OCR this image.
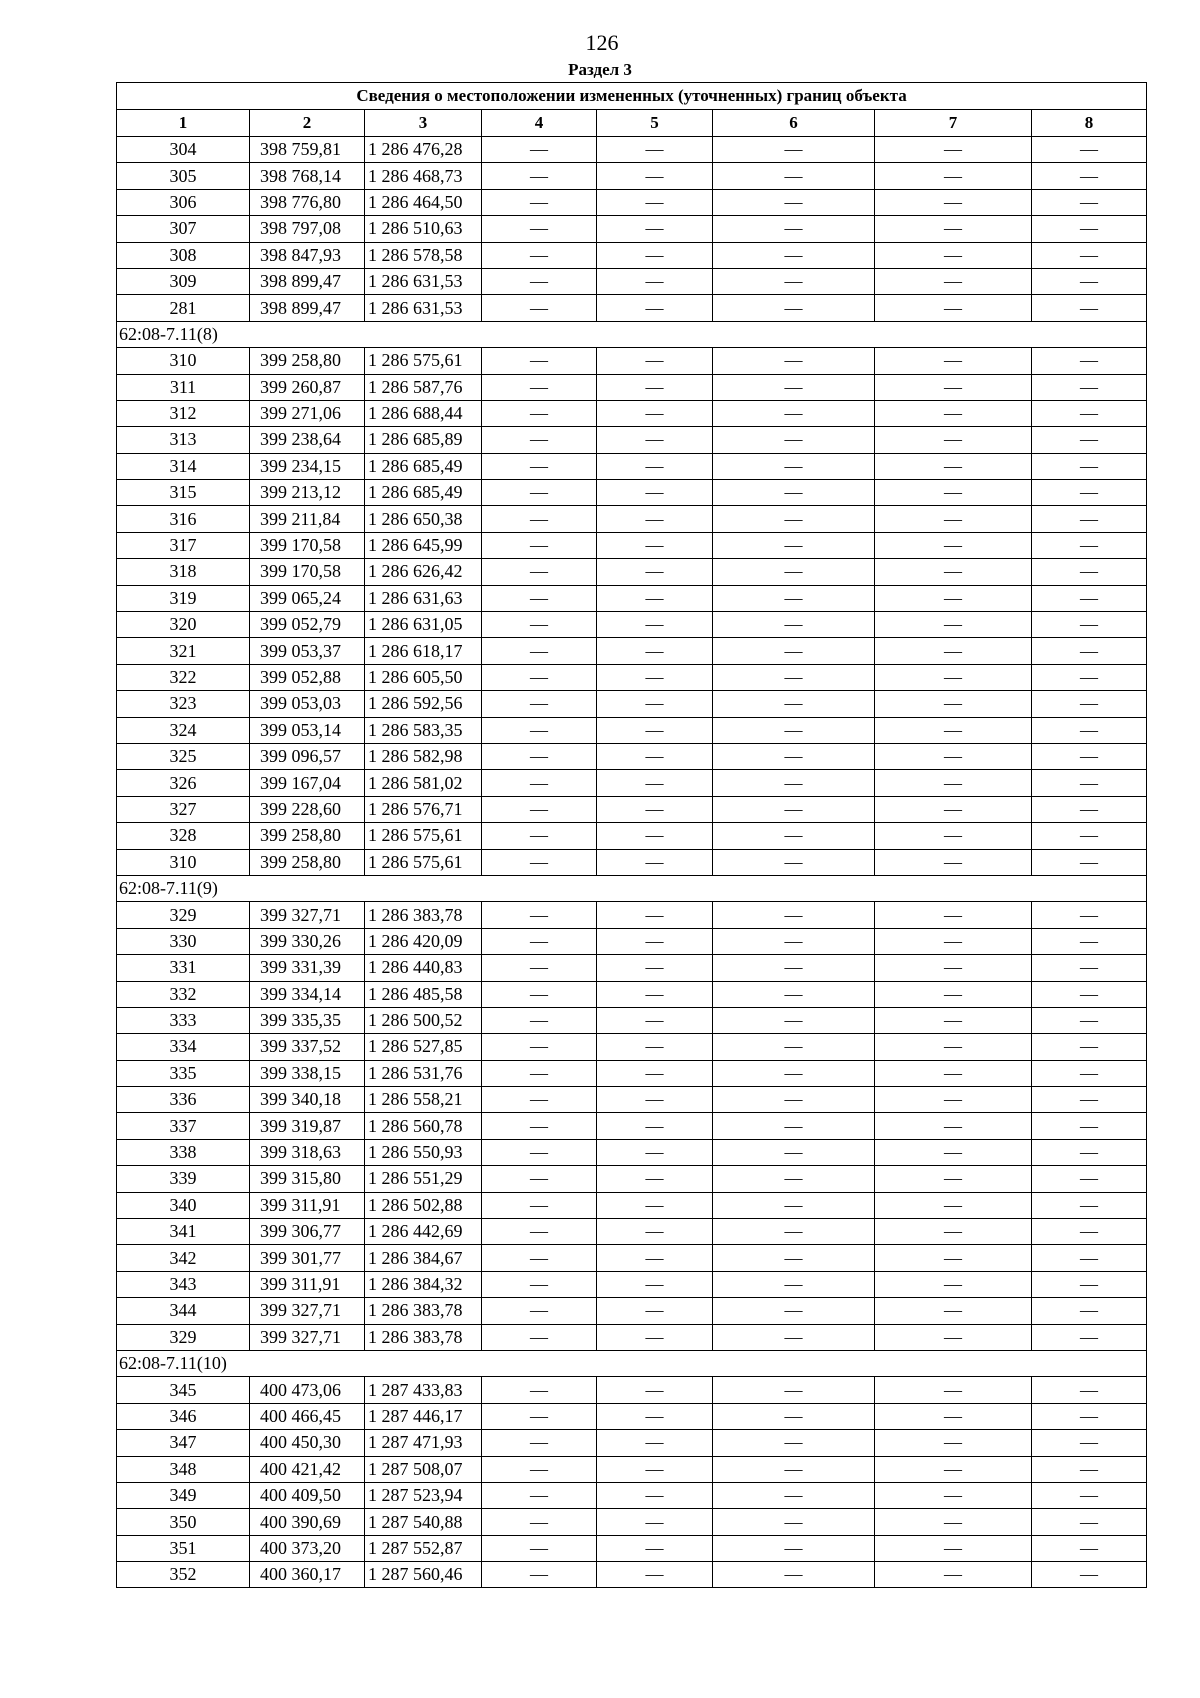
126
Раздел 3
Сведения о местоположении измененных (уточненных) границ объекта							
1	2	3	4	5	6	7	8
304	398 759,81	1 286 476,28	—	—	—	—	—
305	398 768,14	1 286 468,73	—	—	—	—	—
306	398 776,80	1 286 464,50	—	—	—	—	—
307	398 797,08	1 286 510,63	—	—	—	—	—
308	398 847,93	1 286 578,58	—	—	—	—	—
309	398 899,47	1 286 631,53	—	—	—	—	—
281	398 899,47	1 286 631,53	—	—	—	—	—
62:08-7.11(8)							
310	399 258,80	1 286 575,61	—	—	—	—	—
311	399 260,87	1 286 587,76	—	—	—	—	—
312	399 271,06	1 286 688,44	—	—	—	—	—
313	399 238,64	1 286 685,89	—	—	—	—	—
314	399 234,15	1 286 685,49	—	—	—	—	—
315	399 213,12	1 286 685,49	—	—	—	—	—
316	399 211,84	1 286 650,38	—	—	—	—	—
317	399 170,58	1 286 645,99	—	—	—	—	—
318	399 170,58	1 286 626,42	—	—	—	—	—
319	399 065,24	1 286 631,63	—	—	—	—	—
320	399 052,79	1 286 631,05	—	—	—	—	—
321	399 053,37	1 286 618,17	—	—	—	—	—
322	399 052,88	1 286 605,50	—	—	—	—	—
323	399 053,03	1 286 592,56	—	—	—	—	—
324	399 053,14	1 286 583,35	—	—	—	—	—
325	399 096,57	1 286 582,98	—	—	—	—	—
326	399 167,04	1 286 581,02	—	—	—	—	—
327	399 228,60	1 286 576,71	—	—	—	—	—
328	399 258,80	1 286 575,61	—	—	—	—	—
310	399 258,80	1 286 575,61	—	—	—	—	—
62:08-7.11(9)							
329	399 327,71	1 286 383,78	—	—	—	—	—
330	399 330,26	1 286 420,09	—	—	—	—	—
331	399 331,39	1 286 440,83	—	—	—	—	—
332	399 334,14	1 286 485,58	—	—	—	—	—
333	399 335,35	1 286 500,52	—	—	—	—	—
334	399 337,52	1 286 527,85	—	—	—	—	—
335	399 338,15	1 286 531,76	—	—	—	—	—
336	399 340,18	1 286 558,21	—	—	—	—	—
337	399 319,87	1 286 560,78	—	—	—	—	—
338	399 318,63	1 286 550,93	—	—	—	—	—
339	399 315,80	1 286 551,29	—	—	—	—	—
340	399 311,91	1 286 502,88	—	—	—	—	—
341	399 306,77	1 286 442,69	—	—	—	—	—
342	399 301,77	1 286 384,67	—	—	—	—	—
343	399 311,91	1 286 384,32	—	—	—	—	—
344	399 327,71	1 286 383,78	—	—	—	—	—
329	399 327,71	1 286 383,78	—	—	—	—	—
62:08-7.11(10)							
345	400 473,06	1 287 433,83	—	—	—	—	—
346	400 466,45	1 287 446,17	—	—	—	—	—
347	400 450,30	1 287 471,93	—	—	—	—	—
348	400 421,42	1 287 508,07	—	—	—	—	—
349	400 409,50	1 287 523,94	—	—	—	—	—
350	400 390,69	1 287 540,88	—	—	—	—	—
351	400 373,20	1 287 552,87	—	—	—	—	—
352	400 360,17	1 287 560,46	—	—	—	—	—
